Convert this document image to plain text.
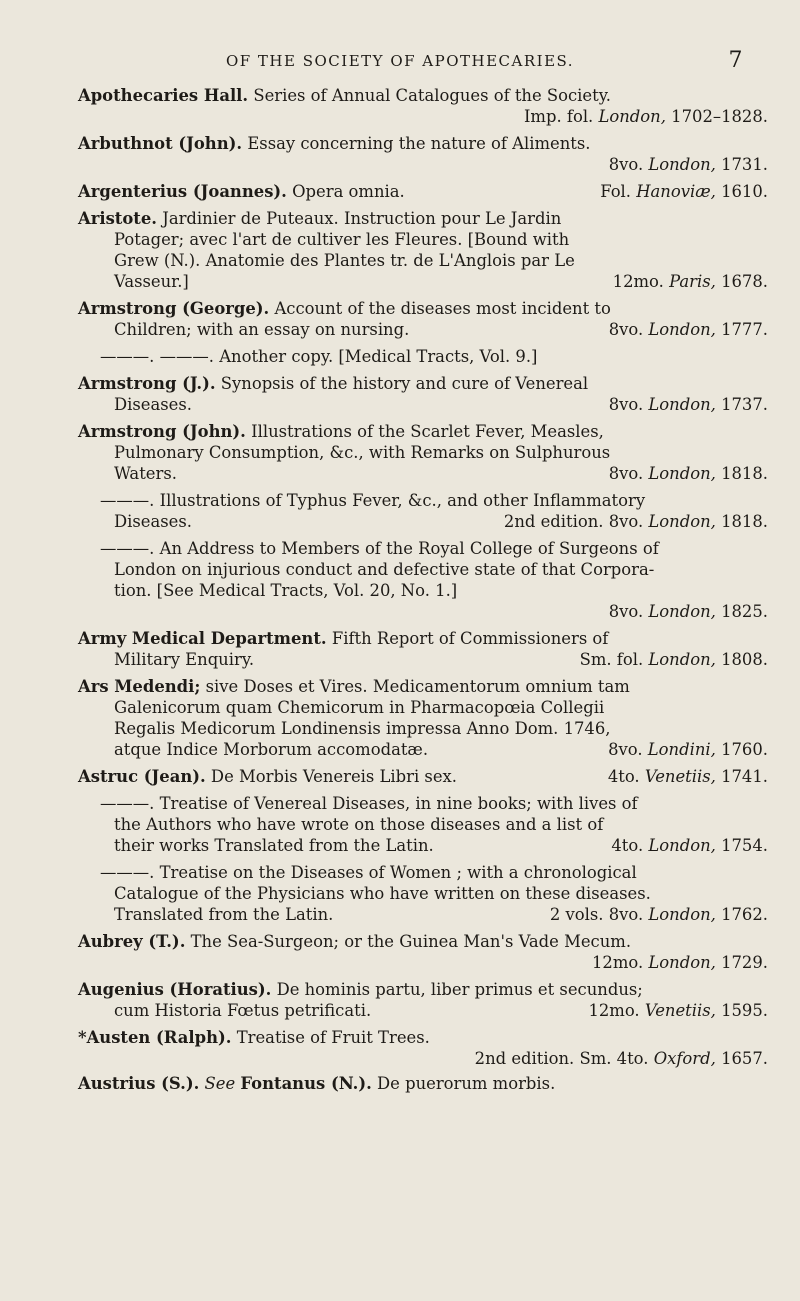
OF THE SOCIETY OF APOTHECARIES.	7
Apothecaries Hall. Series of Annual Catalogues of the Society.
Imp. fol. London, 1702–1828.
Arbuthnot (John). Essay concerning the nature of Aliments.
8vo. London, 1731.
Argenterius (Joannes). Opera omnia.	Fol. Hanoviæ, 1610.
Aristote. Jardinier de Puteaux. Instruction pour Le Jardin
Potager; avec l'art de cultiver les Fleures. [Bound with
Grew (N.). Anatomie des Plantes tr. de L'Anglois par Le
Vasseur.]	12mo. Paris, 1678.
Armstrong (George). Account of the diseases most incident to
Children; with an essay on nursing.	8vo. London, 1777.
———. ———. Another copy. [Medical Tracts, Vol. 9.]
Armstrong (J.). Synopsis of the history and cure of Venereal
Diseases.	8vo. London, 1737.
Armstrong (John). Illustrations of the Scarlet Fever, Measles,
Pulmonary Consumption, &c., with Remarks on Sulphurous
Waters.	8vo. London, 1818.
———. Illustrations of Typhus Fever, &c., and other Inflammatory
Diseases.	2nd edition. 8vo. London, 1818.
———. An Address to Members of the Royal College of Surgeons of
London on injurious conduct and defective state of that Corpora-
tion. [See Medical Tracts, Vol. 20, No. 1.]
8vo. London, 1825.
Army Medical Department. Fifth Report of Commissioners of
Military Enquiry.	Sm. fol. London, 1808.
Ars Medendi; sive Doses et Vires. Medicamentorum omnium tam
Galenicorum quam Chemicorum in Pharmacopœia Collegii
Regalis Medicorum Londinensis impressa Anno Dom. 1746,
atque Indice Morborum accomodatæ.	8vo. Londini, 1760.
Astruc (Jean). De Morbis Venereis Libri sex.	4to. Venetiis, 1741.
———. Treatise of Venereal Diseases, in nine books; with lives of
the Authors who have wrote on those diseases and a list of
their works Translated from the Latin.	4to. London, 1754.
———. Treatise on the Diseases of Women ; with a chronological
Catalogue of the Physicians who have written on these diseases.
Translated from the Latin.	2 vols. 8vo. London, 1762.
Aubrey (T.). The Sea-Surgeon; or the Guinea Man's Vade Mecum.
12mo. London, 1729.
Augenius (Horatius). De hominis partu, liber primus et secundus;
cum Historia Fœtus petrificati.	12mo. Venetiis, 1595.
*Austen (Ralph). Treatise of Fruit Trees.
2nd edition. Sm. 4to. Oxford, 1657.
Austrius (S.). See Fontanus (N.). De puerorum morbis.
